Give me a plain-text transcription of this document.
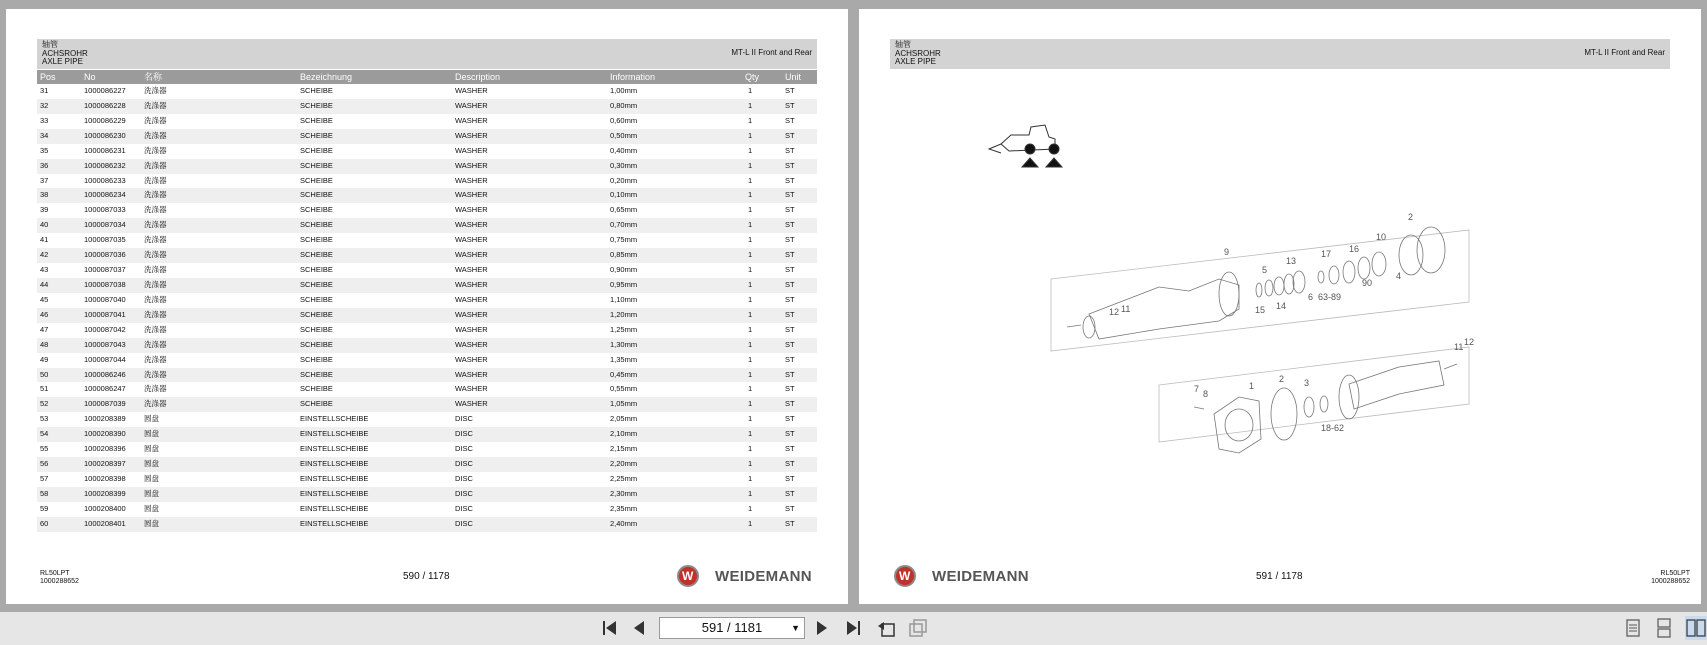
轴管
ACHSROHR
AXLE PIPE
MT-L II Front and Rear
Pos	No	名称	Bezeichnung	Description	Information	Qty	Unit
31	1000086227 洗涤器	SCHEIBE	WASHER	1,00mm	1	ST
32	1000086228 洗涤器	SCHEIBE	WASHER	0,80mm	1	ST
33	1000086229 洗涤器	SCHEIBE	WASHER	0,60mm	1	ST
34	1000086230 洗涤器	SCHEIBE	WASHER	0,50mm	1	ST
35	1000086231 洗涤器	SCHEIBE	WASHER	0,40mm	1	ST
36	1000086232 洗涤器	SCHEIBE	WASHER	0,30mm	1	ST
37	1000086233 洗涤器	SCHEIBE	WASHER	0,20mm	1	ST
38	1000086234 洗涤器	SCHEIBE	WASHER	0,10mm	1	ST
39	1000087033 洗涤器	SCHEIBE	WASHER	0,65mm	1	ST
40	1000087034 洗涤器	SCHEIBE	WASHER	0,70mm	1	ST
41	1000087035 洗涤器	SCHEIBE	WASHER	0,75mm	1	ST
42	1000087036 洗涤器	SCHEIBE	WASHER	0,85mm	1	ST
43	1000087037 洗涤器	SCHEIBE	WASHER	0,90mm	1	ST
44	1000087038 洗涤器	SCHEIBE	WASHER	0,95mm	1	ST
45	1000087040 洗涤器	SCHEIBE	WASHER	1,10mm	1	ST
46	1000087041 洗涤器	SCHEIBE	WASHER	1,20mm	1	ST
47	1000087042 洗涤器	SCHEIBE	WASHER	1,25mm	1	ST
48	1000087043 洗涤器	SCHEIBE	WASHER	1,30mm	1	ST
49	1000087044 洗涤器	SCHEIBE	WASHER	1,35mm	1	ST
50	1000086246 洗涤器	SCHEIBE	WASHER	0,45mm	1	ST
51	1000086247 洗涤器	SCHEIBE	WASHER	0,55mm	1	ST
52	1000087039 洗涤器	SCHEIBE	WASHER	1,05mm	1	ST
53	1000208389 圆盘	EINSTELLSCHEIBE	DISC	2,05mm	1	ST
54	1000208390 圆盘	EINSTELLSCHEIBE	DISC	2,10mm	1	ST
55	1000208396 圆盘	EINSTELLSCHEIBE	DISC	2,15mm	1	ST
56	1000208397 圆盘	EINSTELLSCHEIBE	DISC	2,20mm	1	ST
57	1000208398 圆盘	EINSTELLSCHEIBE	DISC	2,25mm	1	ST
58	1000208399 圆盘	EINSTELLSCHEIBE	DISC	2,30mm	1	ST
59	1000208400 圆盘	EINSTELLSCHEIBE	DISC	2,35mm	1	ST
60	1000208401 圆盘	EINSTELLSCHEIBE	DISC	2,40mm	1	ST
RL50LPT
1000288652	590 / 1178
W	WEIDEMANN
轴管
ACHSROHR
AXLE PIPE
MT-L II Front and Rear
2
9
5
13
17 16
10
4
90
6 63-89
15 14
12 11
1
2 3
7 8
18-62
11 12
W
WEIDEMANN	591 / 1178	RL50LPT
1000288652
591 / 1181	▼
